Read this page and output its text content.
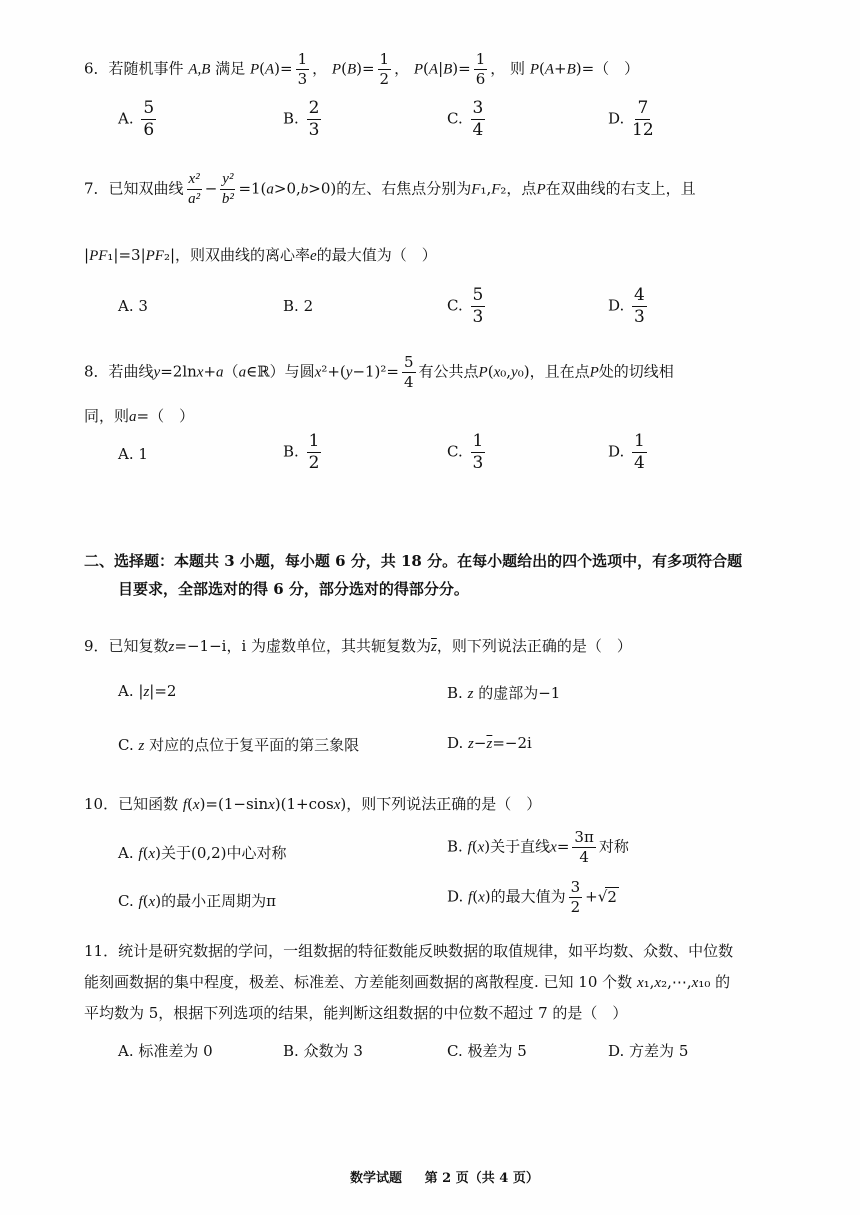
6．若随机事件 A,B 满足 $P(A)= \frac{1}{3}$ ， $P(B)= \frac{1}{2}$ ， $P(A|B)= \frac{1}{6}$ ， 则 P(A+B)=（　）
A. $\frac{5}{6}$	B. $\frac{2}{3}$	C. $\frac{3}{4}$	D. $\frac{7}{12}$
7．已知双曲线 $\frac{\text{x²}}{\text{a²}} - \frac{\text{y²}}{\text{b²}} =1(a>0,b>0)$的左、右焦点分别为F₁,F₂，点P在双曲线的右支上，且
|PF₁|=3|PF₂|，则双曲线的离心率e的最大值为（　）
A. 3	B. 2	C. $\frac{5}{3}$	D. $\frac{4}{3}$
8．若曲线y=2lnx+a（a∈ℝ）与圆$x^2+(y-1)^2= \frac{5}{4}$ 有公共点P(x₀,y₀)，且在点P处的切线相
同，则a=（　）
A. 1	B. $\frac{1}{2}$	C. $\frac{1}{3}$	D. $\frac{1}{4}$
二、选择题：本题共 3 小题，每小题 6 分，共 18 分。在每小题给出的四个选项中，有多项符合题
目要求，全部选对的得 6 分，部分选对的得部分分。
9．已知复数z=−1−i，i 为虚数单位，其共轭复数为$\overline{z}$，则下列说法正确的是（　）
A. |z|=2	B. z 的虚部为−1
C. z 对应的点位于复平面的第三象限	D. $z-\overline{z}=-2i$
10．已知函数 f(x)=(1−sinx)(1+cosx)，则下列说法正确的是（　）
A. f(x)关于(0,2)中心对称	B. f(x)关于直线$x= \frac{3\pi}{4}$ 对称
C. f(x)的最小正周期为π	D. f(x)的最大值为 $\frac{3}{2} +√2$
11．统计是研究数据的学问，一组数据的特征数能反映数据的取值规律，如平均数、众数、中位数
能刻画数据的集中程度，极差、标准差、方差能刻画数据的离散程度. 已知 10 个数 x₁,x₂,⋯,x₁₀ 的
平均数为 5，根据下列选项的结果，能判断这组数据的中位数不超过 7 的是（　）
A. 标准差为 0	B. 众数为 3	C. 极差为 5	D. 方差为 5
数学试题 第 2 页（共 4 页）
